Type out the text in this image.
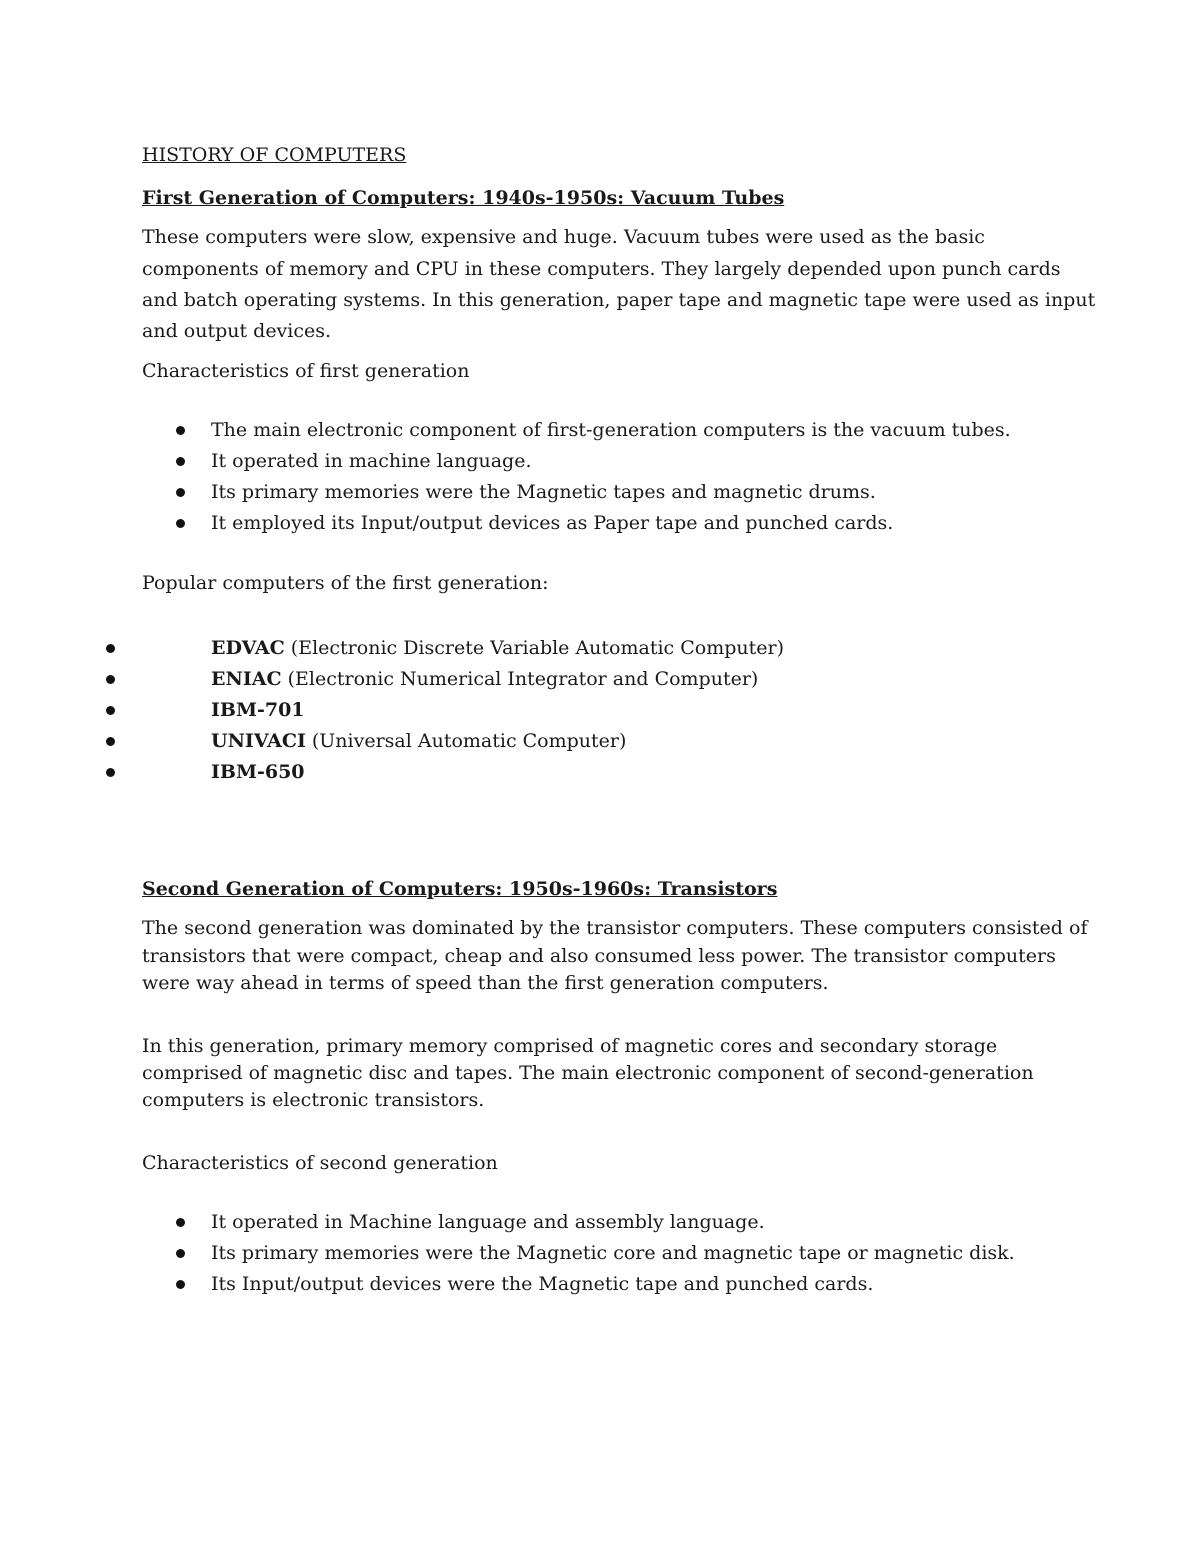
HISTORY OF COMPUTERS
First Generation of Computers: 1940s-1950s: Vacuum Tubes
These computers were slow, expensive and huge. Vacuum tubes were used as the basic
components of memory and CPU in these computers. They largely depended upon punch cards
and batch operating systems. In this generation, paper tape and magnetic tape were used as input
and output devices.
Characteristics of first generation
The main electronic component of first-generation computers is the vacuum tubes.
It operated in machine language.
Its primary memories were the Magnetic tapes and magnetic drums.
It employed its Input/output devices as Paper tape and punched cards.
Popular computers of the first generation:
EDVAC (Electronic Discrete Variable Automatic Computer)
ENIAC (Electronic Numerical Integrator and Computer)
IBM-701
UNIVACI (Universal Automatic Computer)
IBM-650
Second Generation of Computers: 1950s-1960s: Transistors
The second generation was dominated by the transistor computers. These computers consisted of
transistors that were compact, cheap and also consumed less power. The transistor computers
were way ahead in terms of speed than the first generation computers.
In this generation, primary memory comprised of magnetic cores and secondary storage
comprised of magnetic disc and tapes. The main electronic component of second-generation
computers is electronic transistors.
Characteristics of second generation
It operated in Machine language and assembly language.
Its primary memories were the Magnetic core and magnetic tape or magnetic disk.
Its Input/output devices were the Magnetic tape and punched cards.
